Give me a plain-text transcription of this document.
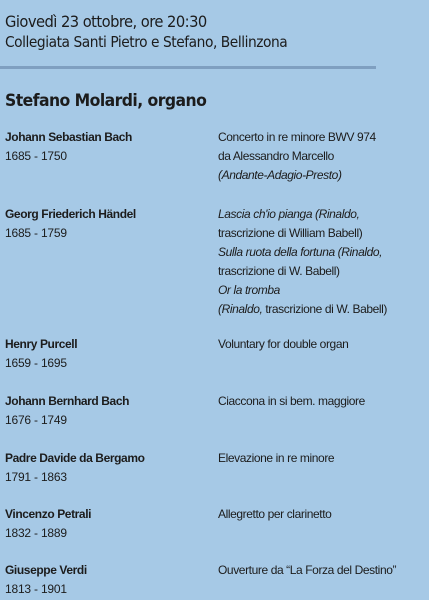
Giovedì 23 ottobre, ore 20:30
Collegiata Santi Pietro e Stefano, Bellinzona
Stefano Molardi, organo
Johann Sebastian Bach
1685 - 1750
Concerto in re minore BWV 974
da Alessandro Marcello
(Andante-Adagio-Presto)
Georg Friederich Händel
1685 - 1759
Lascia ch'io pianga (Rinaldo,
trascrizione di William Babell)
Sulla ruota della fortuna (Rinaldo,
trascrizione di W. Babell)
Or la tromba
(Rinaldo, trascrizione di W. Babell)
Henry Purcell
1659 - 1695
Voluntary for double organ
Johann Bernhard Bach
1676 - 1749
Ciaccona in si bem. maggiore
Padre Davide da Bergamo
1791 - 1863
Elevazione in re minore
Vincenzo Petrali
1832 - 1889
Allegretto per clarinetto
Giuseppe Verdi
1813 - 1901
Ouverture da “La Forza del Destino”
